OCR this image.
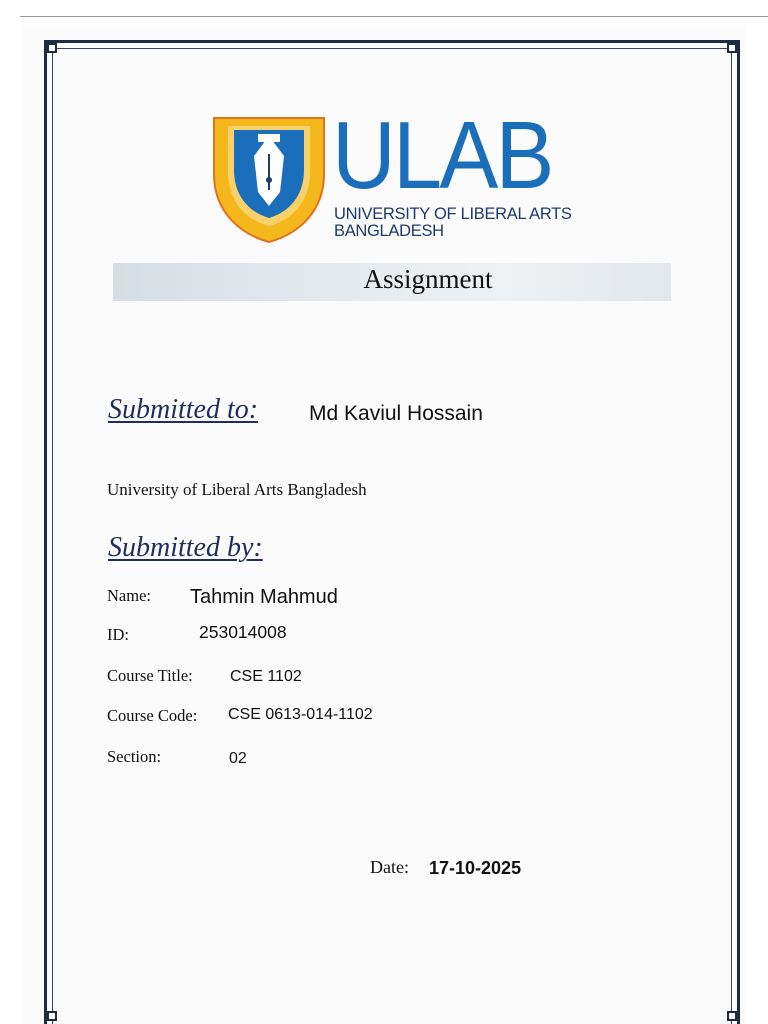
ULAB
UNIVERSITY OF LIBERAL ARTS
BANGLADESH
Assignment
Submitted to: Md Kaviul Hossain
University of Liberal Arts Bangladesh
Submitted by:
Name: Tahmin Mahmud
ID:	253014008
Course Title: CSE 1102
Course Code: CSE 0613-014-1102
Section:	02
Date: 17-10-2025
